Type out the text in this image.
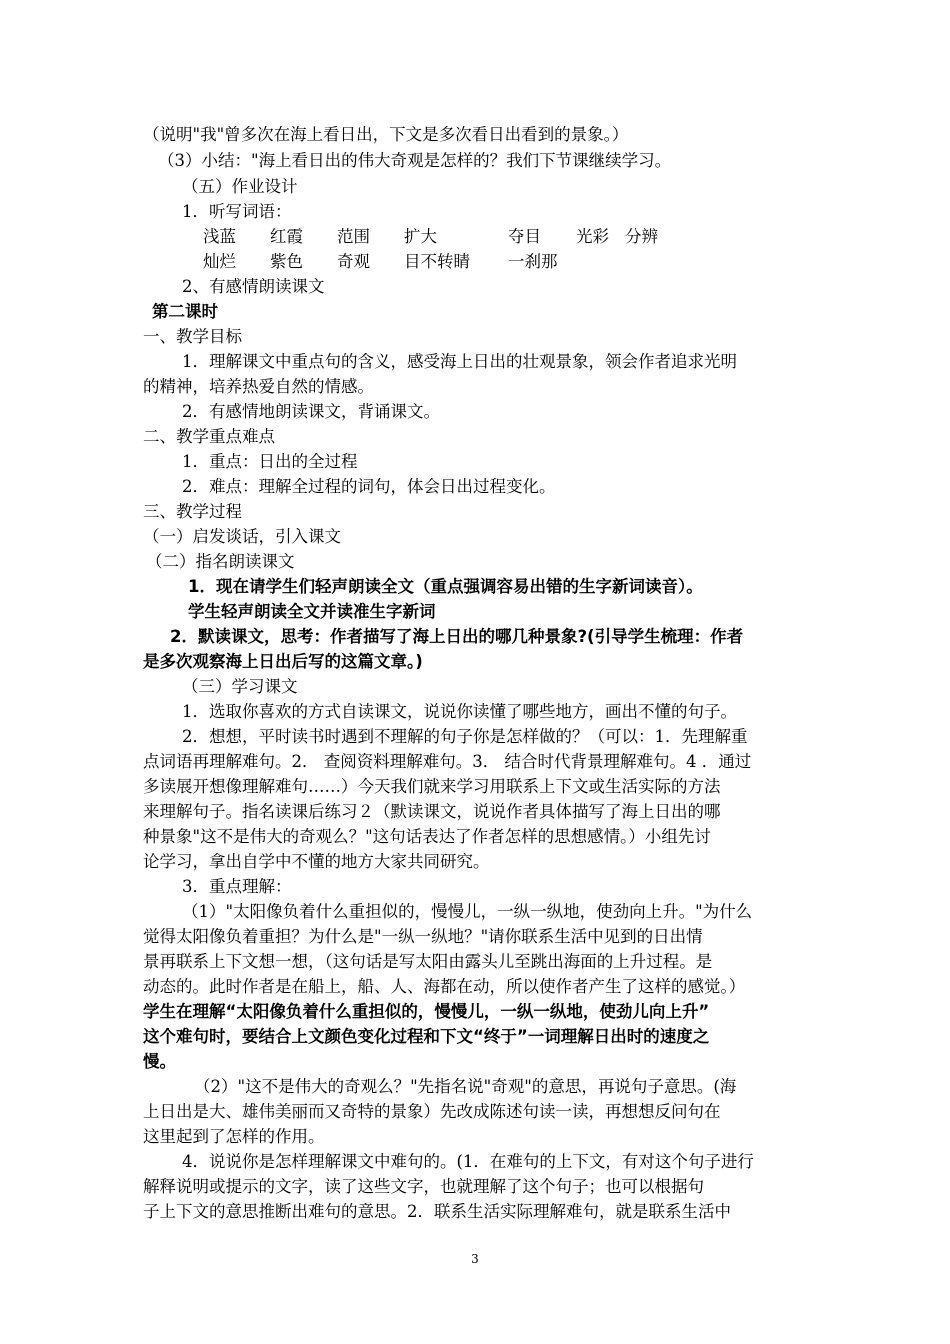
（说明"我"曾多次在海上看日出，下文是多次看日出看到的景象。）
（3）小结："海上看日出的伟大奇观是怎样的？我们下节课继续学习。
（五）作业设计
1．听写词语：
浅蓝 红霞 范围 扩大	夺目 光彩 分辨
灿烂 紫色 奇观 目不转睛 一刹那
2、有感情朗读课文
第二课时
一、教学目标
1．理解课文中重点句的含义，感受海上日出的壮观景象，领会作者追求光明
的精神，培养热爱自然的情感。
2．有感情地朗读课文，背诵课文。
二、教学重点难点
1．重点：日出的全过程
2．难点：理解全过程的词句，体会日出过程变化。
三、教学过程
（一）启发谈话，引入课文
（二）指名朗读课文
1．现在请学生们轻声朗读全文（重点强调容易出错的生字新词读音）。
学生轻声朗读全文并读准生字新词
2．默读课文，思考：作者描写了海上日出的哪几种景象?(引导学生梳理：作者
是多次观察海上日出后写的这篇文章。)
（三）学习课文
1．选取你喜欢的方式自读课文，说说你读懂了哪些地方，画出不懂的句子。
2．想想，平时读书时遇到不理解的句子你是怎样做的？（可以：1．先理解重
点词语再理解难句。2． 查阅资料理解难句。3． 结合时代背景理解难句。4 ．通过
多读展开想像理解难句……）今天我们就来学习用联系上下文或生活实际的方法
来理解句子。指名读课后练习２（默读课文，说说作者具体描写了海上日出的哪
种景象"这不是伟大的奇观么？"这句话表达了作者怎样的思想感情。）小组先讨
论学习，拿出自学中不懂的地方大家共同研究。
3．重点理解：
（1）"太阳像负着什么重担似的，慢慢儿，一纵一纵地，使劲向上升。"为什么
觉得太阳像负着重担？为什么是"一纵一纵地？"请你联系生活中见到的日出情
景再联系上下文想一想，（这句话是写太阳由露头儿至跳出海面的上升过程。是
动态的。此时作者是在船上，船、人、海都在动，所以使作者产生了这样的感觉。）
学生在理解“太阳像负着什么重担似的，慢慢儿，一纵一纵地，使劲儿向上升”
这个难句时，要结合上文颜色变化过程和下文“终于”一词理解日出时的速度之
慢。
（2）"这不是伟大的奇观么？"先指名说"奇观"的意思，再说句子意思。(海
上日出是大、雄伟美丽而又奇特的景象）先改成陈述句读一读，再想想反问句在
这里起到了怎样的作用。
4．说说你是怎样理解课文中难句的。(1．在难句的上下文，有对这个句子进行
解释说明或提示的文字，读了这些文字，也就理解了这个句子；也可以根据句
子上下文的意思推断出难句的意思。2．联系生活实际理解难句，就是联系生活中
3
